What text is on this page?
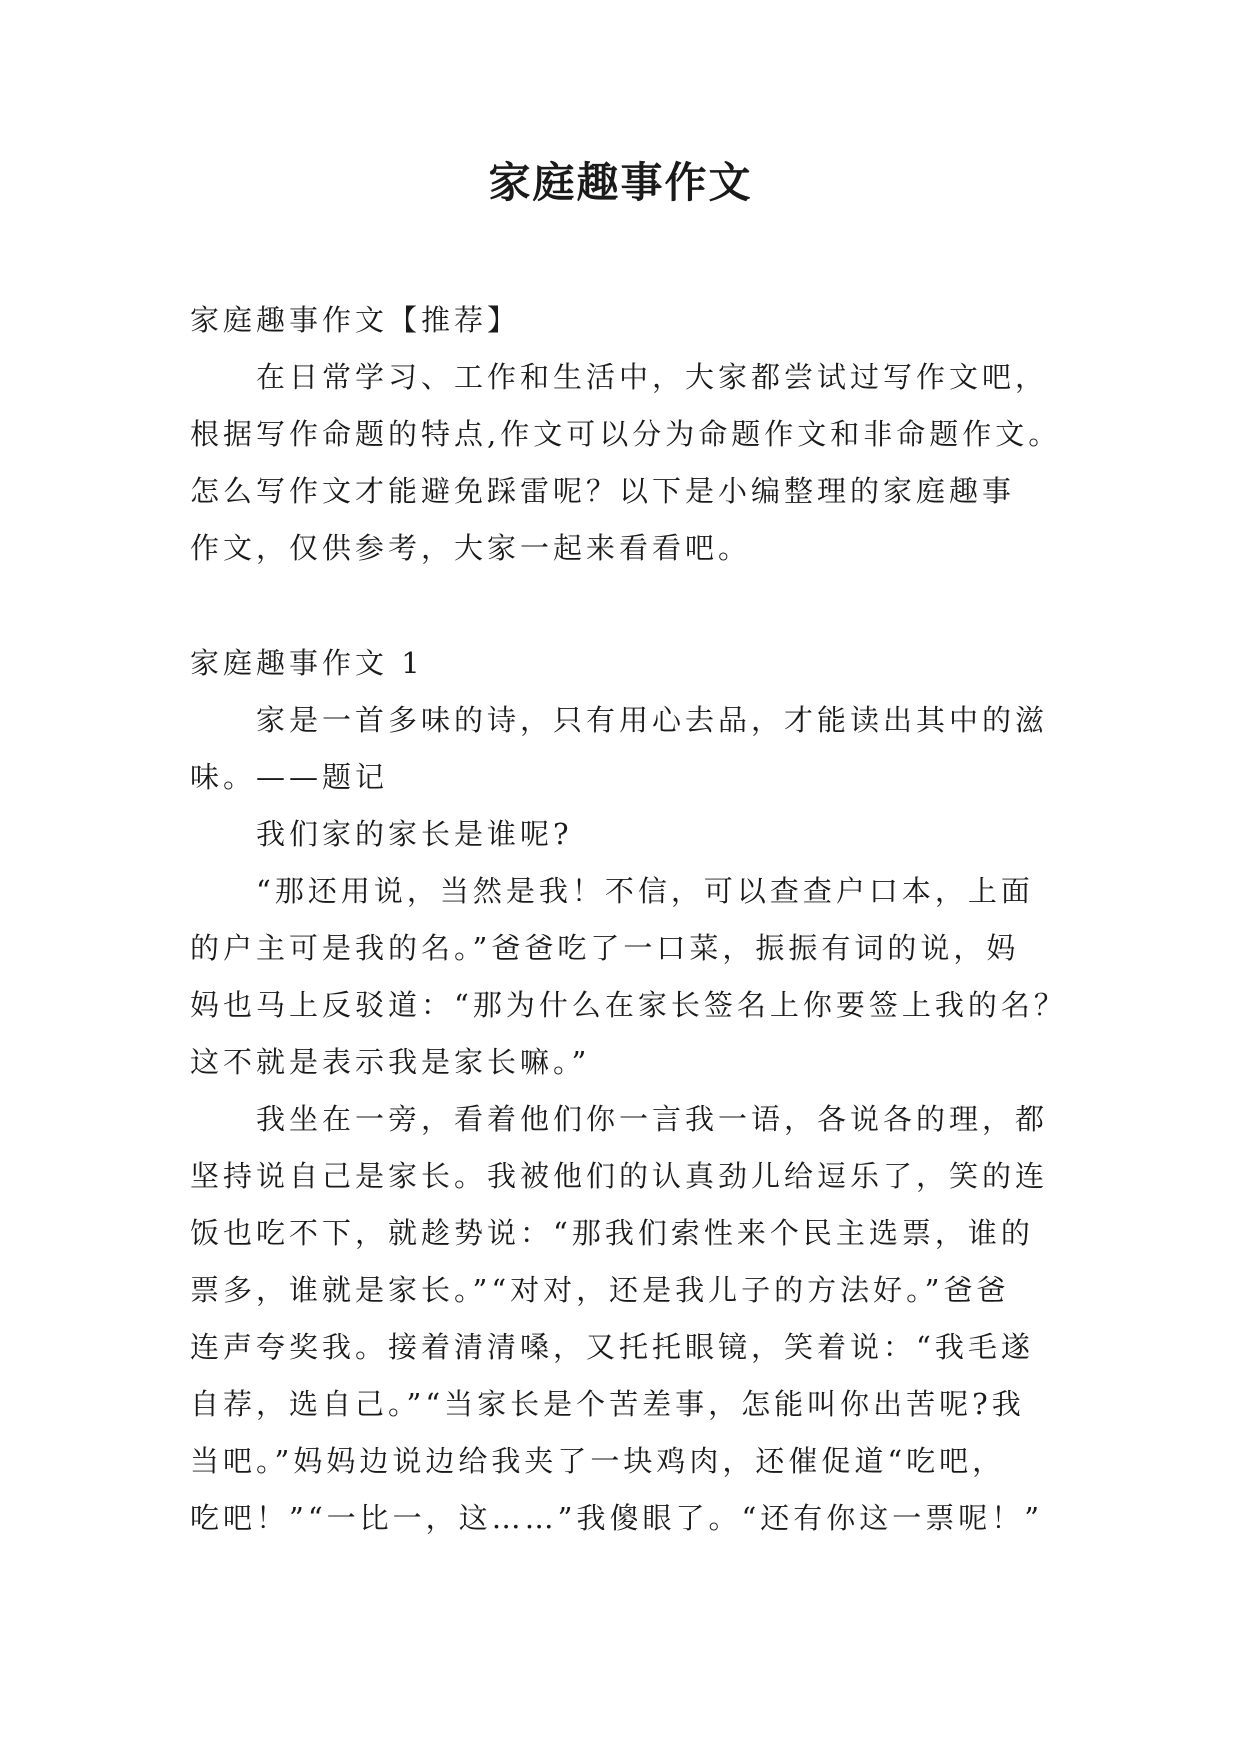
家庭趣事作文
家庭趣事作文【推荐】
在日常学习、工作和生活中，大家都尝试过写作文吧，
根据写作命题的特点,作文可以分为命题作文和非命题作文。
怎么写作文才能避免踩雷呢？以下是小编整理的家庭趣事
作文，仅供参考，大家一起来看看吧。
家庭趣事作文 1
家是一首多味的诗，只有用心去品，才能读出其中的滋
味。——题记
我们家的家长是谁呢?
“那还用说，当然是我！不信，可以查查户口本，上面
的户主可是我的名。”爸爸吃了一口菜，振振有词的说，妈
妈也马上反驳道：“那为什么在家长签名上你要签上我的名？
这不就是表示我是家长嘛。”
我坐在一旁，看着他们你一言我一语，各说各的理，都
坚持说自己是家长。我被他们的认真劲儿给逗乐了，笑的连
饭也吃不下，就趁势说：“那我们索性来个民主选票，谁的
票多，谁就是家长。”“对对，还是我儿子的方法好。”爸爸
连声夸奖我。接着清清嗓，又托托眼镜，笑着说：“我毛遂
自荐，选自己。”“当家长是个苦差事，怎能叫你出苦呢?我
当吧。”妈妈边说边给我夹了一块鸡肉，还催促道“吃吧，
吃吧！”“一比一，这……”我傻眼了。“还有你这一票呢！”
